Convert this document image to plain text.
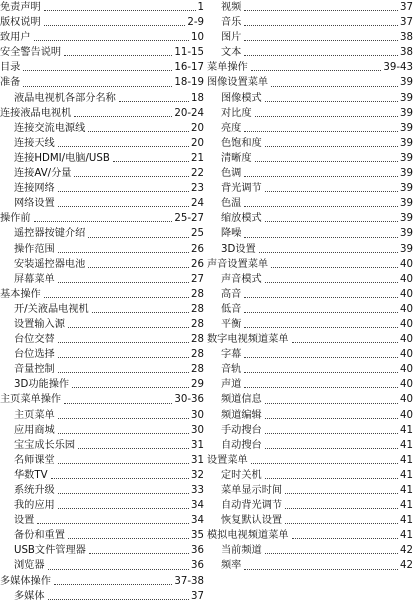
免责声明	1
版权说明	2-9
致用户	10
安全警告说明	11-15
目录	16-17
准备	18-19
液晶电视机各部分名称	18
连接液晶电视机	20-24
连接交流电源线	20
连接天线	20
连接HDMI/电脑/USB	21
连接AV/分量	22
连接网络	23
网络设置	24
操作前	25-27
遥控器按键介绍	25
操作范围	26
安装遥控器电池	26
屏幕菜单	27
基本操作	28
开/关液晶电视机	28
设置输入源	28
台位交替	28
台位选择	28
音量控制	28
3D功能操作	29
主页菜单操作	30-36
主页菜单	30
应用商城	30
宝宝成长乐园	31
名师课堂	31
华数TV	32
系统升级	33
我的应用	34
设置	34
备份和重置	35
USB文件管理器	36
浏览器	36
多媒体操作	37-38
多媒体	37
视频	37
音乐	37
图片	38
文本	38
菜单操作	39-43
图像设置菜单	39
图像模式	39
对比度	39
亮度	39
色饱和度	39
清晰度	39
色调	39
背光调节	39
色温	39
缩放模式	39
降噪	39
3D设置	39
声音设置菜单	40
声音模式	40
高音	40
低音	40
平衡	40
数字电视频道菜单	40
字幕	40
音轨	40
声道	40
频道信息	40
频道编辑	40
手动搜台	41
自动搜台	41
设置菜单	41
定时关机	41
菜单显示时间	41
自动背光调节	41
恢复默认设置	41
模拟电视频道菜单	41
当前频道	42
频率	42
